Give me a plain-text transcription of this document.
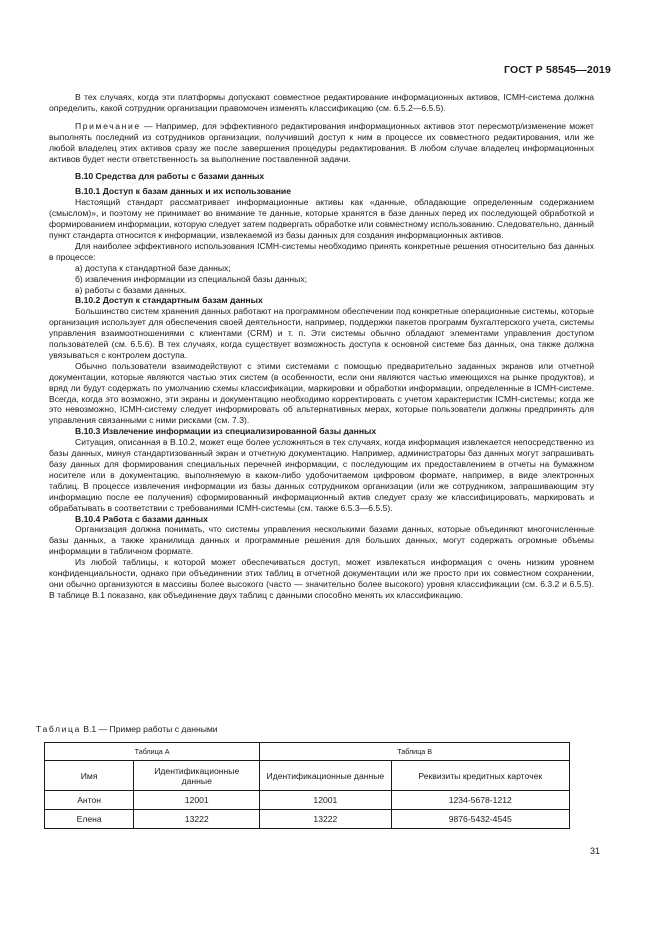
ГОСТ Р 58545—2019

В тех случаях, когда эти платформы допускают совместное редактирование информационных активов, ICMH-система должна определить, какой сотрудник организации правомочен изменять классификацию (см. 6.5.2—6.5.5).

Примечание — Например, для эффективного редактирования информационных активов этот пересмотр/изменение может выполнять последний из сотрудников организации, получивший доступ к ним в процессе их совместного редактирования, или же любой владелец этих активов сразу же после завершения процедуры редактирования. В любом случае владелец информационных активов будет нести ответственность за выполнение поставленной задачи.

В.10 Средства для работы с базами данных

В.10.1 Доступ к базам данных и их использование

Настоящий стандарт рассматривает информационные активы как «данные, обладающие определенным содержанием (смыслом)», и поэтому не принимает во внимание те данные, которые хранятся в базе данных перед их последующей обработкой и формированием информации, которую следует затем подвергать обработке или совместному использованию. Следовательно, данный пункт стандарта относится к информации, извлекаемой из базы данных для создания информационных активов.

Для наиболее эффективного использования ICMH-системы необходимо принять конкретные решения относительно баз данных в процессе:

а) доступа к стандартной базе данных;

б) извлечения информации из специальной базы данных;

в) работы с базами данных.

В.10.2 Доступ к стандартным базам данных

Большинство систем хранения данных работают на программном обеспечении под конкретные операционные системы, которые организация использует для обеспечения своей деятельности, например, поддержки пакетов программ бухгалтерского учета, системы управления взаимоотношениями с клиентами (CRM) и т. п. Эти системы обычно обладают элементами управления доступом пользователей (см. 6.5.6). В тех случаях, когда существует возможность доступа к основной системе баз данных, она также должна увязываться с контролем доступа.

Обычно пользователи взаимодействуют с этими системами с помощью предварительно заданных экранов или отчетной документации, которые являются частью этих систем (в особенности, если они являются частью имеющихся на рынке продуктов), и вряд ли будут содержать по умолчанию схемы классификации, маркировки и обработки информации, определенные в ICMH-системе. Всегда, когда это возможно, эти экраны и документацию необходимо корректировать с учетом характеристик ICMH-системы; когда же это невозможно, ICMH-систему следует информировать об альтернативных мерах, которые пользователи должны предпринять для управления связанными с ними рисками (см. 7.3).

В.10.3 Извлечение информации из специализированной базы данных

Ситуация, описанная в В.10.2, может еще более усложняться в тех случаях, когда информация извлекается непосредственно из базы данных, минуя стандартизованный экран и отчетную документацию. Например, администраторы баз данных могут запрашивать базу данных для формирования специальных перечней информации, с последующим их предоставлением в отчеты на бумажном носителе или в документацию, выполняемую в каком-либо удобочитаемом цифровом формате, например, в виде электронных таблиц. В процессе извлечения информации из базы данных сотрудником организации (или же сотрудником, запрашивающим эту информацию после ее получения) сформированный информационный актив следует сразу же классифицировать, маркировать и обрабатывать в соответствии с требованиями ICMH-системы (см. также 6.5.3—6.5.5).

В.10.4 Работа с базами данных

Организация должна понимать, что системы управления несколькими базами данных, которые объединяют многочисленные базы данных, а также хранилища данных и программные решения для больших данных, могут содержать огромные объемы информации в табличном формате.

Из любой таблицы, к которой может обеспечиваться доступ, может извлекаться информация с очень низким уровнем конфиденциальности, однако при объединении этих таблиц в отчетной документации или же просто при их совместном сохранении, они обычно организуются в массивы более высокого (часто — значительно более высокого) уровня классификации (см. 6.3.2 и 6.5.5). В таблице В.1 показано, как объединение двух таблиц с данными способно менять их классификацию.

Таблица В.1 — Пример работы с данными
Таблица А		Таблица В	
Имя	Идентификационные данные	Идентификационные данные	Реквизиты кредитных карточек
Антон	12001	12001	1234-5678-1212
Елена	13222	13222	9876-5432-4545
31
